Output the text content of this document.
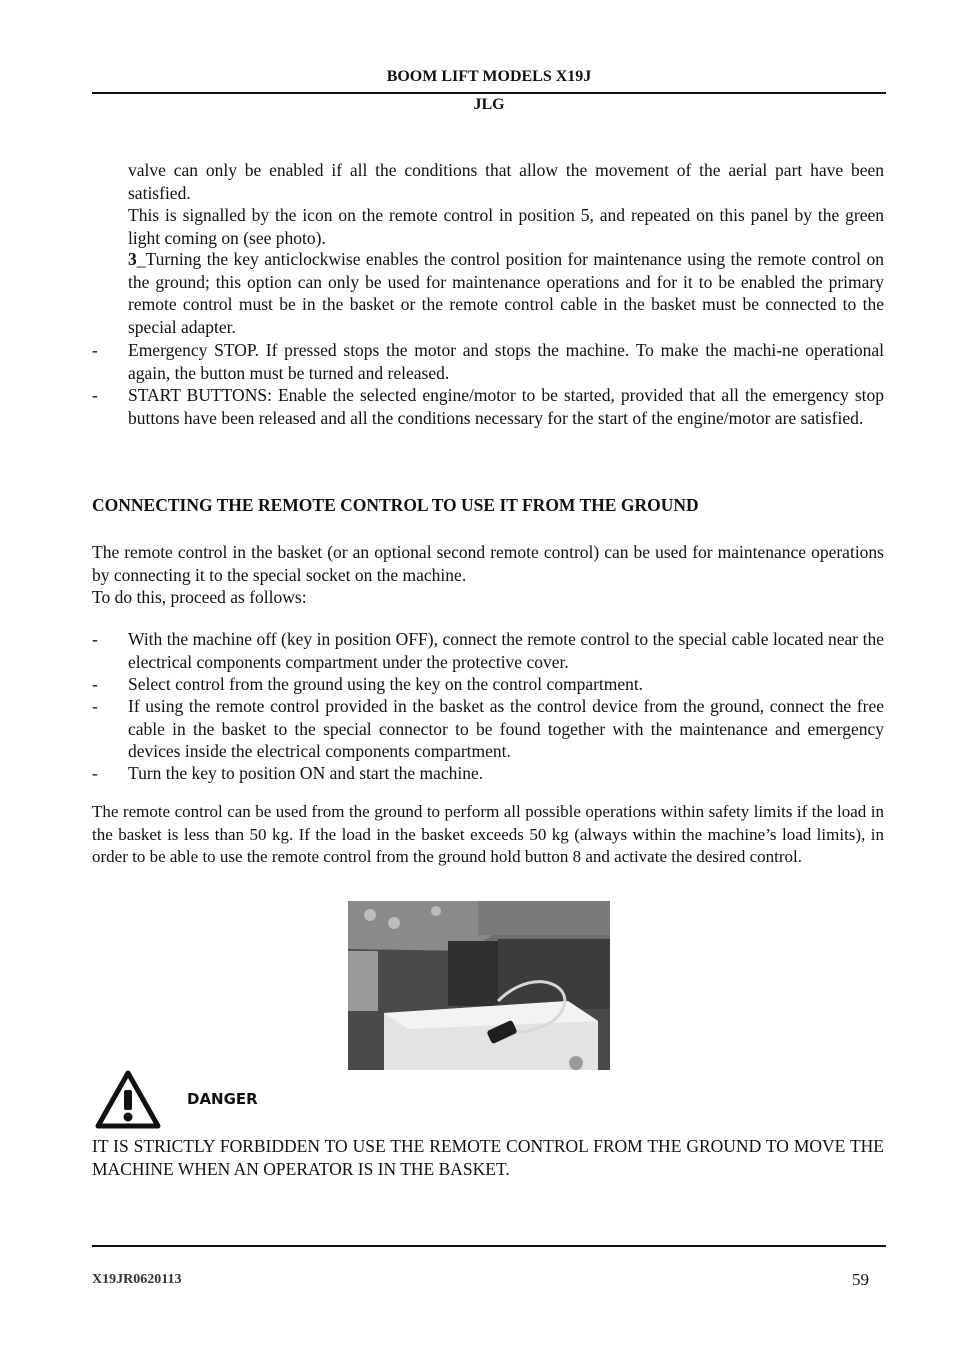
BOOM LIFT MODELS X19J
JLG
valve can only be enabled if all the conditions that allow the movement of the aerial part have been satisfied.
This is signalled by the icon on the remote control in position 5, and repeated on this panel by the green light coming on (see photo).
3_Turning the key anticlockwise enables the control position for maintenance using the remote control on the ground; this option can only be used for maintenance operations and for it to be enabled the primary remote control must be in the basket or the remote control cable in the basket must be connected to the special adapter.
- Emergency STOP. If pressed stops the motor and stops the machine. To make the machi-ne operational again, the button must be turned and released.
- START BUTTONS: Enable the selected engine/motor to be started, provided that all the emergency stop buttons have been released and all the conditions necessary for the start of the engine/motor are satisfied.
CONNECTING THE REMOTE CONTROL TO USE IT FROM THE GROUND
The remote control in the basket (or an optional second remote control) can be used for maintenance operations by connecting it to the special socket on the machine.
To do this, proceed as follows:
- With the machine off (key in position OFF), connect the remote control to the special cable located near the electrical components compartment under the protective cover.
- Select control from the ground using the key on the control compartment.
- If using the remote control provided in the basket as the control device from the ground, connect the free cable in the basket to the special connector to be found together with the maintenance and emergency devices inside the electrical components compartment.
- Turn the key to position ON and start the machine.
The remote control can be used from the ground to perform all possible operations within safety limits if the load in the basket is less than 50 kg. If the load in the basket exceeds 50 kg (always within the machine’s load limits), in order to be able to use the remote control from the ground hold button 8 and activate the desired control.
DANGER
IT IS STRICTLY FORBIDDEN TO USE THE REMOTE CONTROL FROM THE GROUND TO MOVE THE MACHINE WHEN AN OPERATOR IS IN THE BASKET.
X19JR0620113	59
